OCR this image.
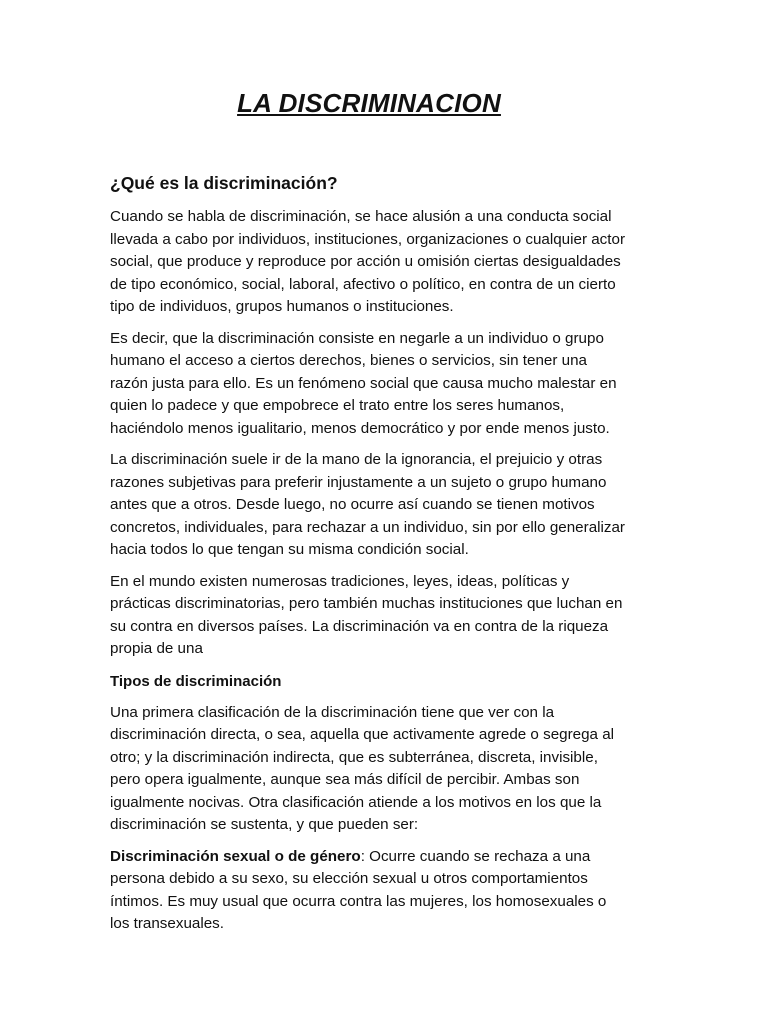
LA DISCRIMINACION
¿Qué es la discriminación?

Cuando se habla de discriminación, se hace alusión a una conducta social llevada a cabo por individuos, instituciones, organizaciones o cualquier actor social, que produce y reproduce por acción u omisión ciertas desigualdades de tipo económico, social, laboral, afectivo o político, en contra de un cierto tipo de individuos, grupos humanos o instituciones.

Es decir, que la discriminación consiste en negarle a un individuo o grupo humano el acceso a ciertos derechos, bienes o servicios, sin tener una razón justa para ello. Es un fenómeno social que causa mucho malestar en quien lo padece y que empobrece el trato entre los seres humanos, haciéndolo menos igualitario, menos democrático y por ende menos justo.

La discriminación suele ir de la mano de la ignorancia, el prejuicio y otras razones subjetivas para preferir injustamente a un sujeto o grupo humano antes que a otros. Desde luego, no ocurre así cuando se tienen motivos concretos, individuales, para rechazar a un individuo, sin por ello generalizar hacia todos lo que tengan su misma condición social.

En el mundo existen numerosas tradiciones, leyes, ideas, políticas y prácticas discriminatorias, pero también muchas instituciones que luchan en su contra en diversos países. La discriminación va en contra de la riqueza propia de una

Tipos de discriminación

Una primera clasificación de la discriminación tiene que ver con la discriminación directa, o sea, aquella que activamente agrede o segrega al otro; y la discriminación indirecta, que es subterránea, discreta, invisible, pero opera igualmente, aunque sea más difícil de percibir. Ambas son igualmente nocivas. Otra clasificación atiende a los motivos en los que la discriminación se sustenta, y que pueden ser:

Discriminación sexual o de género: Ocurre cuando se rechaza a una persona debido a su sexo, su elección sexual u otros comportamientos íntimos. Es muy usual que ocurra contra las mujeres, los homosexuales o los transexuales.
